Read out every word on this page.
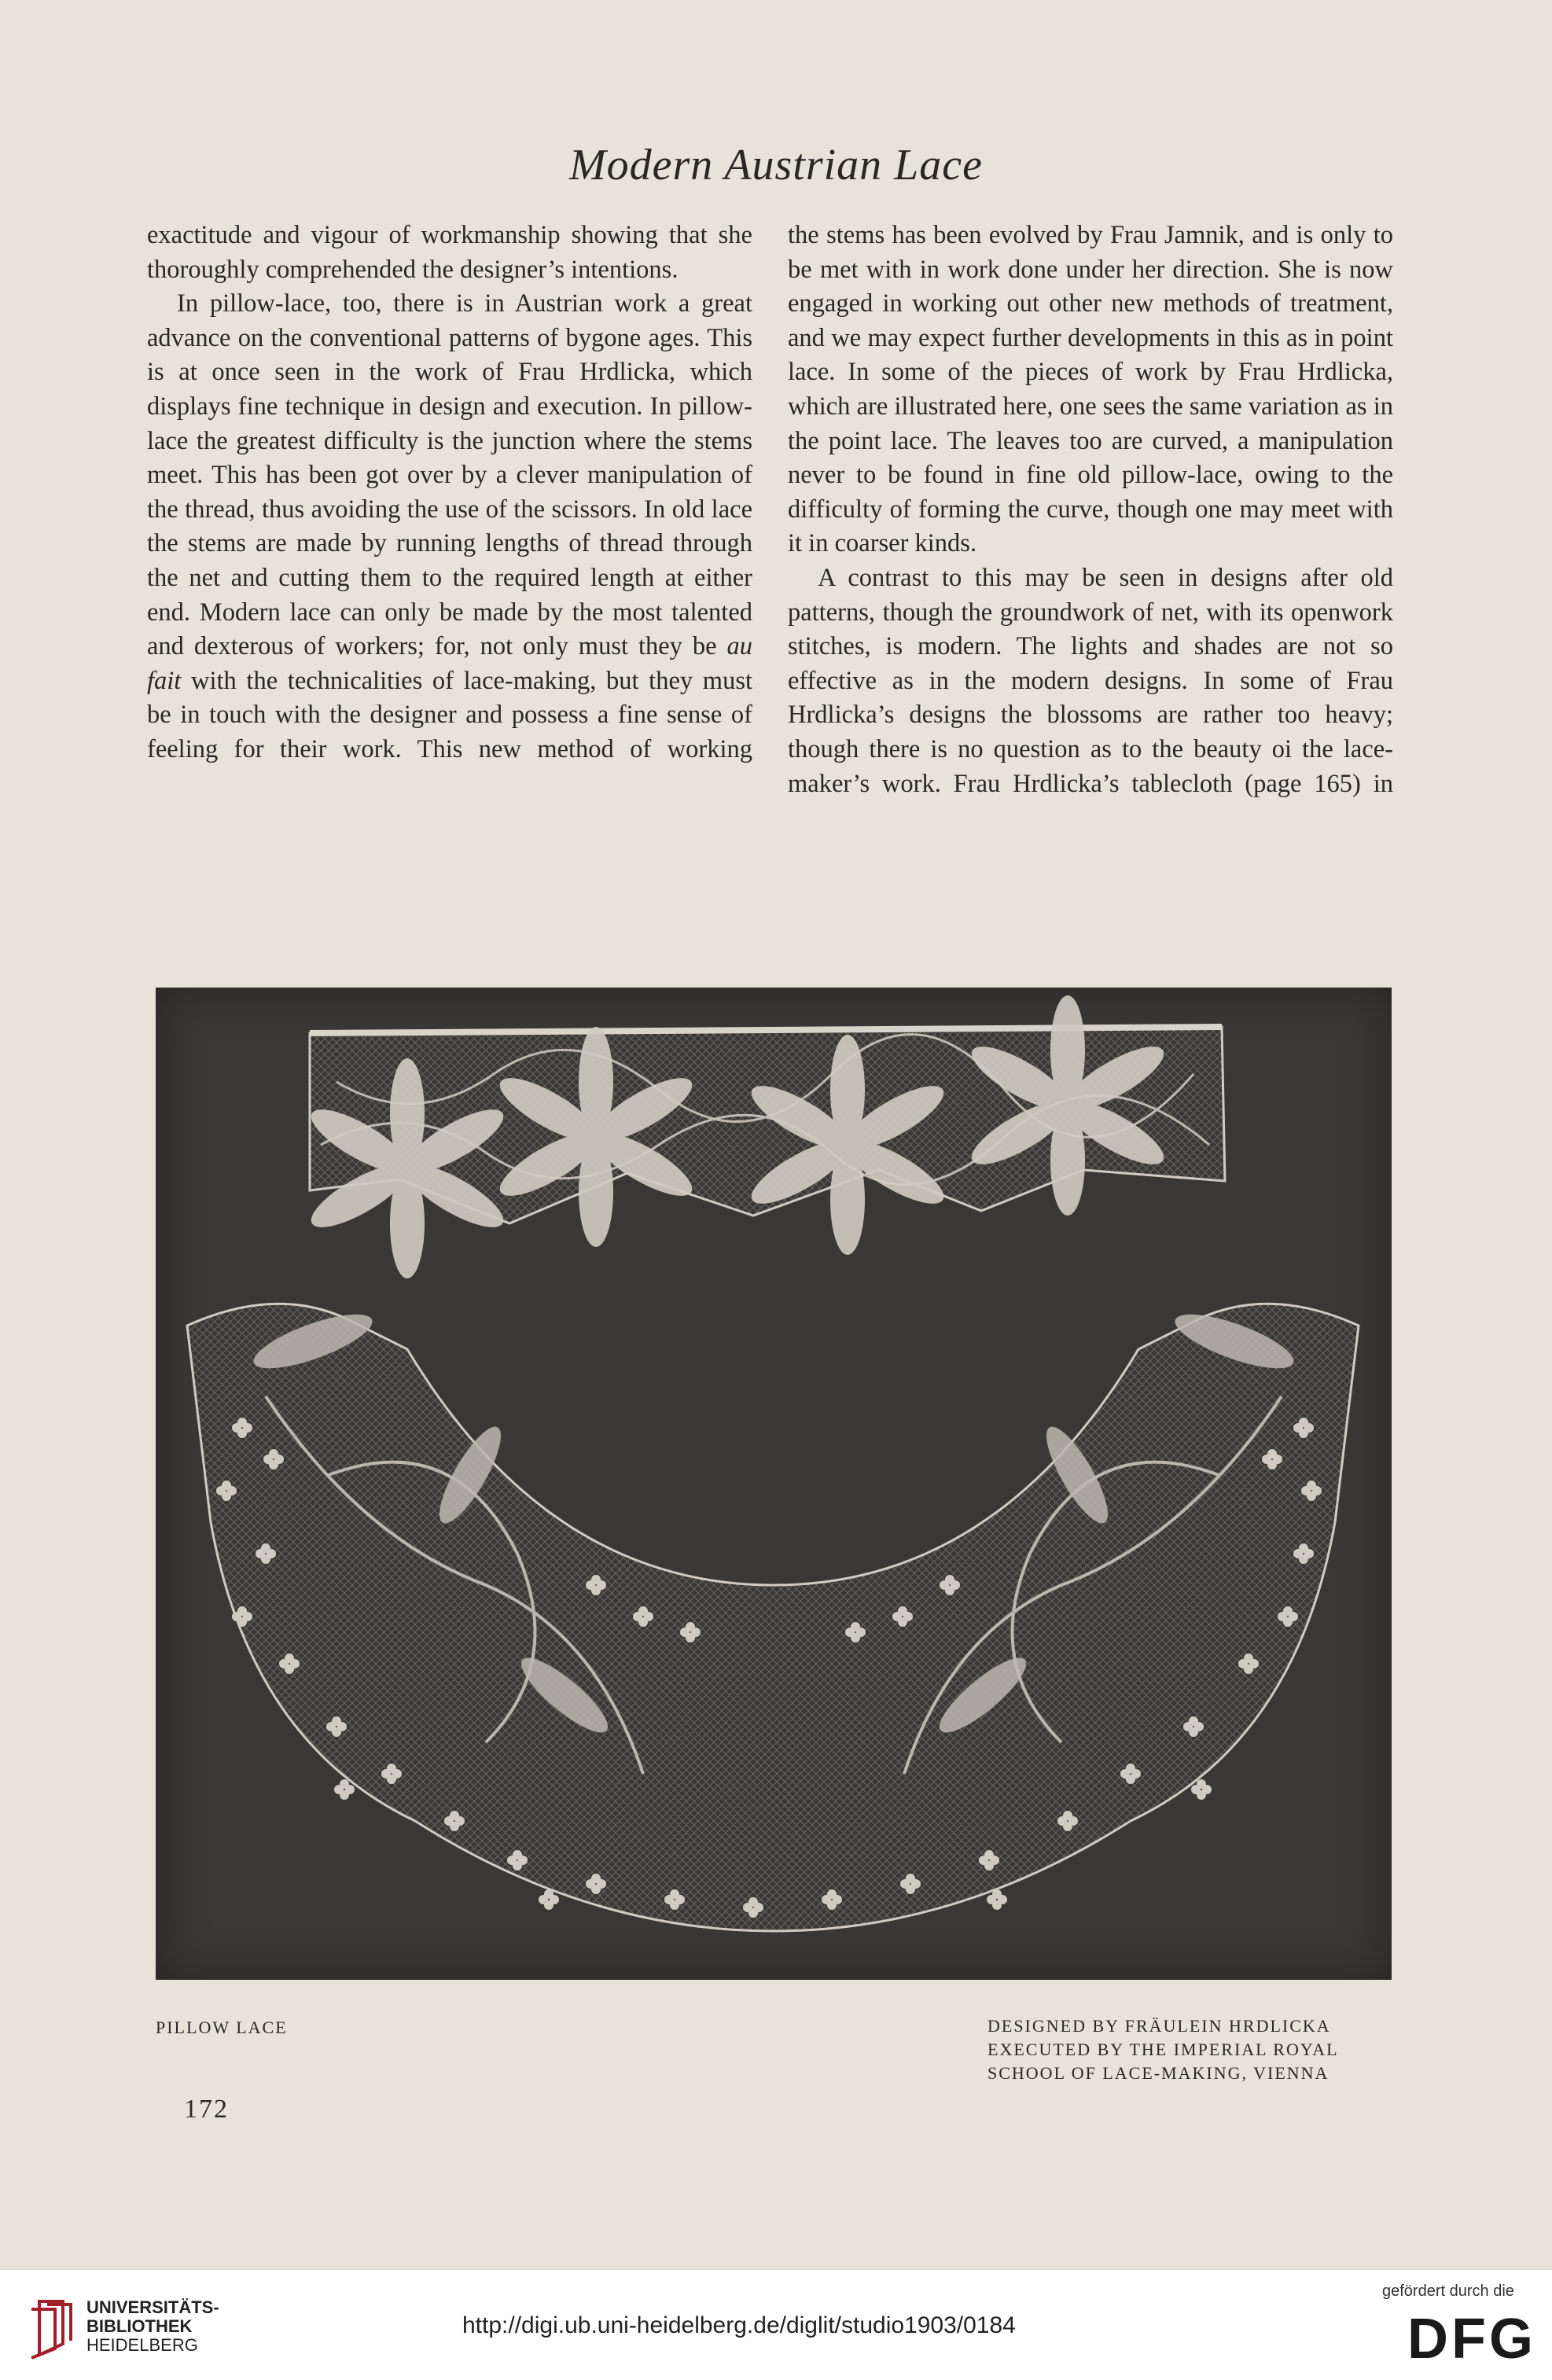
Modern Austrian Lace

exactitude and vigour of workmanship showing that she thoroughly comprehended the designer’s intentions.

In pillow-lace, too, there is in Austrian work a great advance on the conventional patterns of bygone ages. This is at once seen in the work of Frau Hrdlicka, which displays fine technique in design and execution. In pillow-lace the greatest difficulty is the junction where the stems meet. This has been got over by a clever manipulation of the thread, thus avoiding the use of the scissors. In old lace the stems are made by running lengths of thread through the net and cutting them to the required length at either end. Modern lace can only be made by the most talented and dexterous of workers; for, not only must they be au fait with the technicalities of lace-making, but they must be in touch with the designer and possess a fine sense of feeling for their work. This new method of working

the stems has been evolved by Frau Jamnik, and is only to be met with in work done under her direction. She is now engaged in working out other new methods of treatment, and we may expect further developments in this as in point lace. In some of the pieces of work by Frau Hrdlicka, which are illustrated here, one sees the same variation as in the point lace. The leaves too are curved, a manipulation never to be found in fine old pillow-lace, owing to the difficulty of forming the curve, though one may meet with it in coarser kinds.

A contrast to this may be seen in designs after old patterns, though the groundwork of net, with its openwork stitches, is modern. The lights and shades are not so effective as in the modern designs. In some of Frau Hrdlicka’s designs the blossoms are rather too heavy; though there is no question as to the beauty oi the lace-maker’s work. Frau Hrdlicka’s tablecloth (page 165) in

PILLOW LACE	DESIGNED BY FRÄULEIN HRDLICKA
EXECUTED BY THE IMPERIAL ROYAL
SCHOOL OF LACE-MAKING, VIENNA
172
UNIVERSITÄTS-
BIBLIOTHEK
HEIDELBERG
http://digi.ub.uni-heidelberg.de/diglit/studio1903/0184
gefördert durch die
DFG
